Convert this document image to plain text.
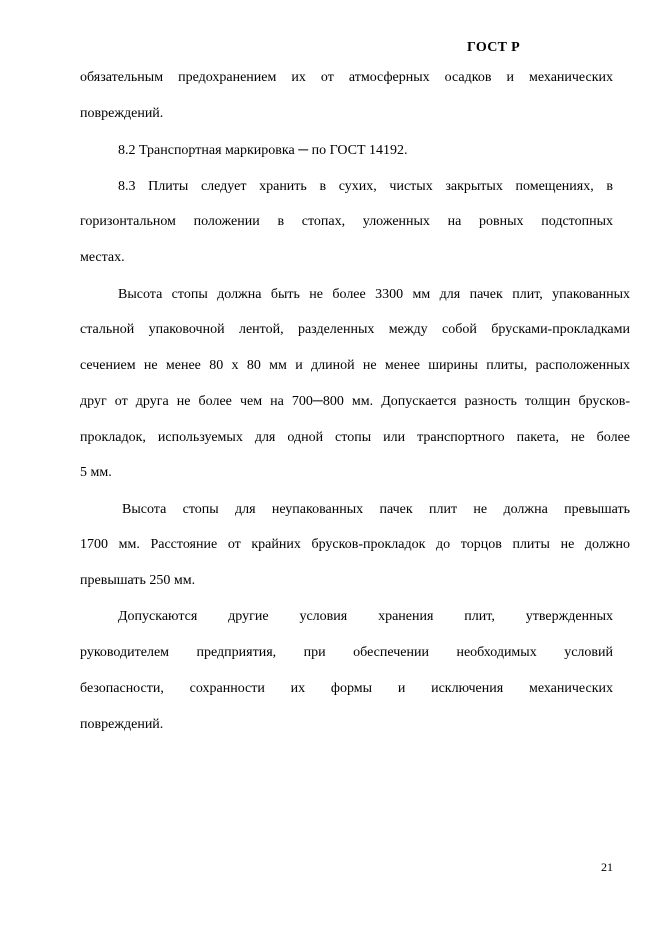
ГОСТ Р
обязательным предохранением их от атмосферных осадков и механических
повреждений.
8.2 Транспортная маркировка ─ по ГОСТ 14192.
8.3 Плиты следует хранить в сухих, чистых закрытых помещениях, в
горизонтальном положении в стопах, уложенных на ровных подстопных
местах.
Высота стопы должна быть не более 3300 мм для пачек плит, упакованных
стальной упаковочной лентой, разделенных между собой брусками-прокладками
сечением не менее 80 х 80 мм и длиной не менее ширины плиты, расположенных
друг от друга не более чем на 700─800 мм. Допускается разность толщин брусков-
прокладок, используемых для одной стопы или транспортного пакета, не более
5 мм.
Высота стопы для неупакованных пачек плит не должна превышать
1700 мм. Расстояние от крайних брусков-прокладок до торцов плиты не должно
превышать 250 мм.
Допускаются другие условия хранения плит, утвержденных
руководителем предприятия, при обеспечении необходимых условий
безопасности, сохранности их формы и исключения механических
повреждений.
21
